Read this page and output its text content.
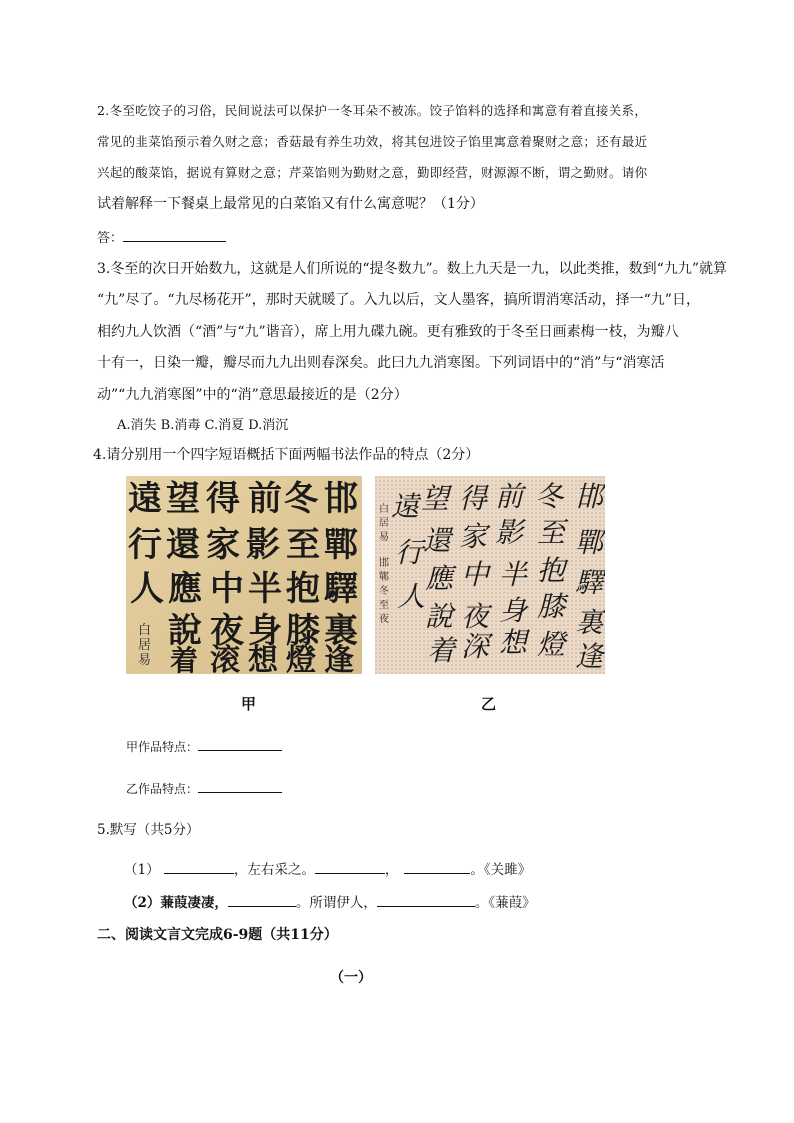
2.冬至吃饺子的习俗，民间说法可以保护一冬耳朵不被冻。饺子馅料的选择和寓意有着直接关系，
常见的韭菜馅预示着久财之意；香菇最有养生功效，将其包进饺子馅里寓意着聚财之意；还有最近
兴起的酸菜馅，据说有算财之意；芹菜馅则为勤财之意，勤即经营，财源源不断，谓之勤财。请你
试着解释一下餐桌上最常见的白菜馅又有什么寓意呢？（1分）
答：
3.冬至的次日开始数九，这就是人们所说的“提冬数九”。数上九天是一九，以此类推，数到“九九”就算
“九”尽了。“九尽杨花开”，那时天就暖了。入九以后，文人墨客，搞所谓消寒活动，择一“九”日，
相约九人饮酒（“酒”与“九”谐音），席上用九碟九碗。更有雅致的于冬至日画素梅一枝，为瓣八
十有一，日染一瓣，瓣尽而九九出则春深矣。此曰九九消寒图。下列词语中的“消”与“消寒活
动”“九九消寒图”中的“消”意思最接近的是（2分）
A.消失 B.消毒 C.消夏 D.消沉
4.请分别用一个四字短语概括下面两幅书法作品的特点（2分）
遠 望 得 前 冬 邯
行 還 家 影 至 鄲
人 應 中 半 抱 驛
說 夜 身 膝 裏
着 滚 想 燈 逢
白
居
易
邯
鄲
驛
裏
逢
冬
至
抱
膝
燈
前
影
半
身
想
得
家
中
夜
深
望
還
應
說
着
遠
行
人
白
居
易
邯
鄲
冬
至
夜
甲	乙
甲作品特点：
乙作品特点：
5.默写（共5分）
（1）	，左右采之。	，	。《关雎》
（2）蒹葭凄凄，	。所谓伊人，	。《蒹葭》
二、阅读文言文完成6-9题（共11分）
（一）
